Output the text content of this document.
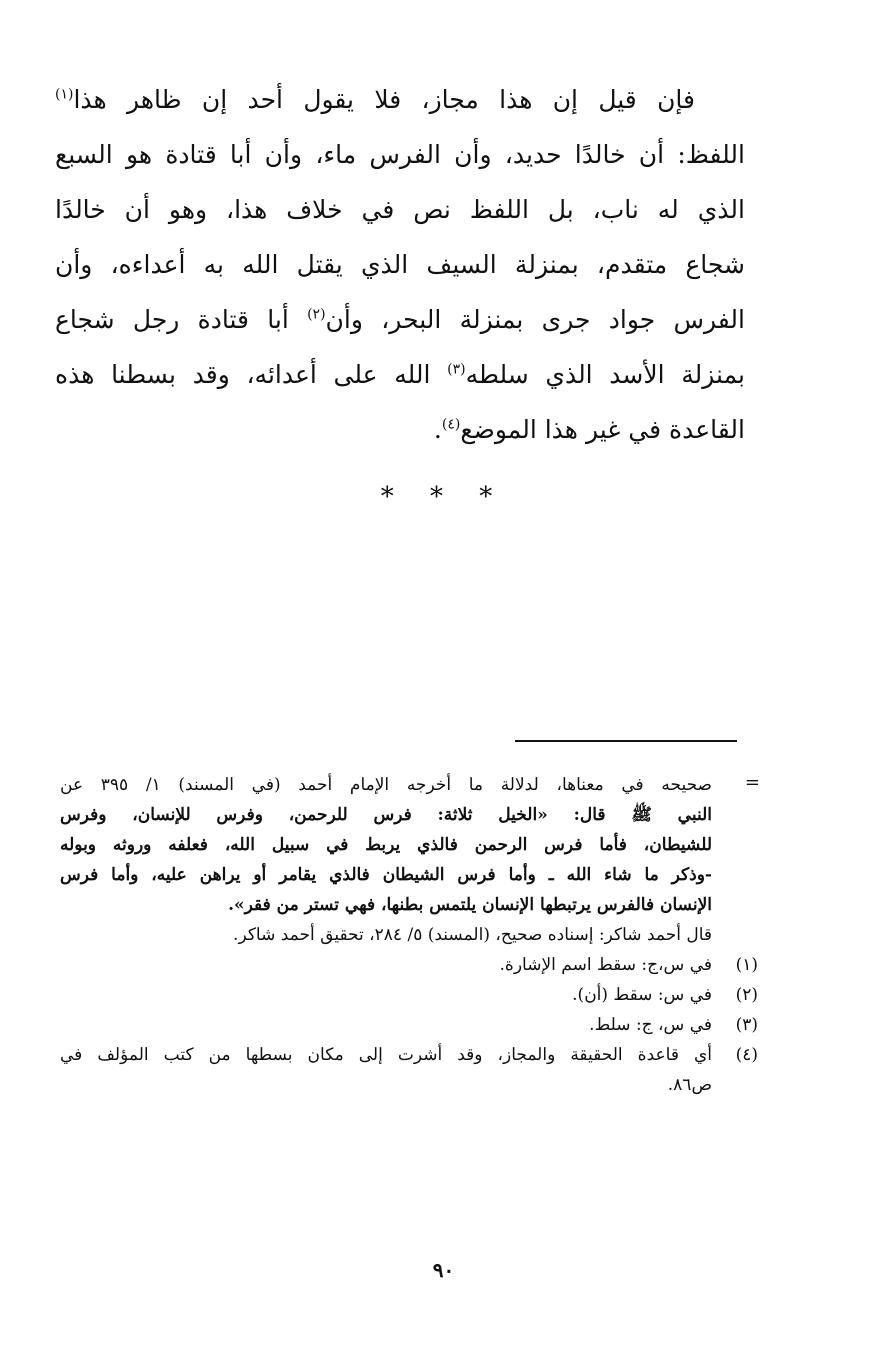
فإن قيل إن هذا مجاز، فلا يقول أحد إن ظاهر هذا$^{(١)}$
اللفظ: أن خالدًا حديد، وأن الفرس ماء، وأن أبا قتادة هو السبع
الذي له ناب، بل اللفظ نص في خلاف هذا، وهو أن خالدًا
شجاع متقدم، بمنزلة السيف الذي يقتل الله به أعداءه، وأن
الفرس جواد جرى بمنزلة البحر، وأن$^{(٢)}$ أبا قتادة رجل شجاع
بمنزلة الأسد الذي سلطه$^{(٣)}$ الله على أعدائه، وقد بسطنا هذه
القاعدة في غير هذا الموضع$^{(٤)}$.
* * *
=
صحيحه في معناها، لدلالة ما أخرجه الإمام أحمد (في المسند) ١/ ٣٩٥ عن
النبي ﷺ قال: «الخيل ثلاثة: فرس للرحمن، وفرس للإنسان، وفرس
للشيطان، فأما فرس الرحمن فالذي يربط في سبيل الله، فعلفه وروثه وبوله
-وذكر ما شاء الله ـ وأما فرس الشيطان فالذي يقامر أو يراهن عليه، وأما فرس
الإنسان فالفرس يرتبطها الإنسان يلتمس بطنها، فهي تستر من فقر».
قال أحمد شاكر: إسناده صحيح، (المسند) ٥/ ٢٨٤، تحقيق أحمد شاكر.
(١)
في س،ج: سقط اسم الإشارة.
(٢)
في س: سقط (أن).
(٣)
في س، ج: سلط.
(٤)
أي قاعدة الحقيقة والمجاز، وقد أشرت إلى مكان بسطها من كتب المؤلف في
ص٨٦.
٩٠
